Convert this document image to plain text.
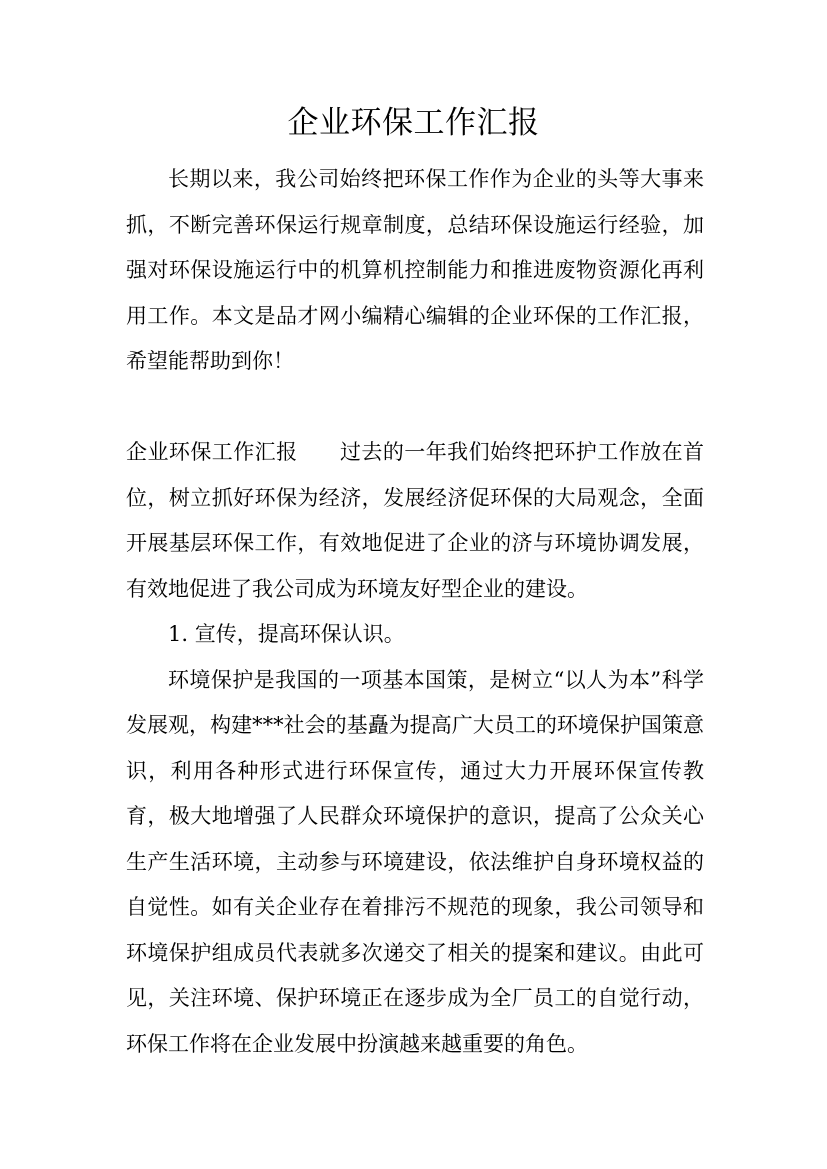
企业环保工作汇报

长期以来，我公司始终把环保工作作为企业的头等大事来抓，不断完善环保运行规章制度，总结环保设施运行经验，加强对环保设施运行中的机算机控制能力和推进废物资源化再利用工作。本文是品才网小编精心编辑的企业环保的工作汇报，希望能帮助到你！

企业环保工作汇报 过去的一年我们始终把环护工作放在首位，树立抓好环保为经济，发展经济促环保的大局观念，全面开展基层环保工作，有效地促进了企业的济与环境协调发展，有效地促进了我公司成为环境友好型企业的建设。

1. 宣传，提高环保认识。

环境保护是我国的一项基本国策，是树立“以人为本”科学发展观，构建***社会的基矗为提高广大员工的环境保护国策意识，利用各种形式进行环保宣传，通过大力开展环保宣传教育，极大地增强了人民群众环境保护的意识，提高了公众关心生产生活环境，主动参与环境建设，依法维护自身环境权益的自觉性。如有关企业存在着排污不规范的现象，我公司领导和环境保护组成员代表就多次递交了相关的提案和建议。由此可见，关注环境、保护环境正在逐步成为全厂员工的自觉行动，环保工作将在企业发展中扮演越来越重要的角色。
